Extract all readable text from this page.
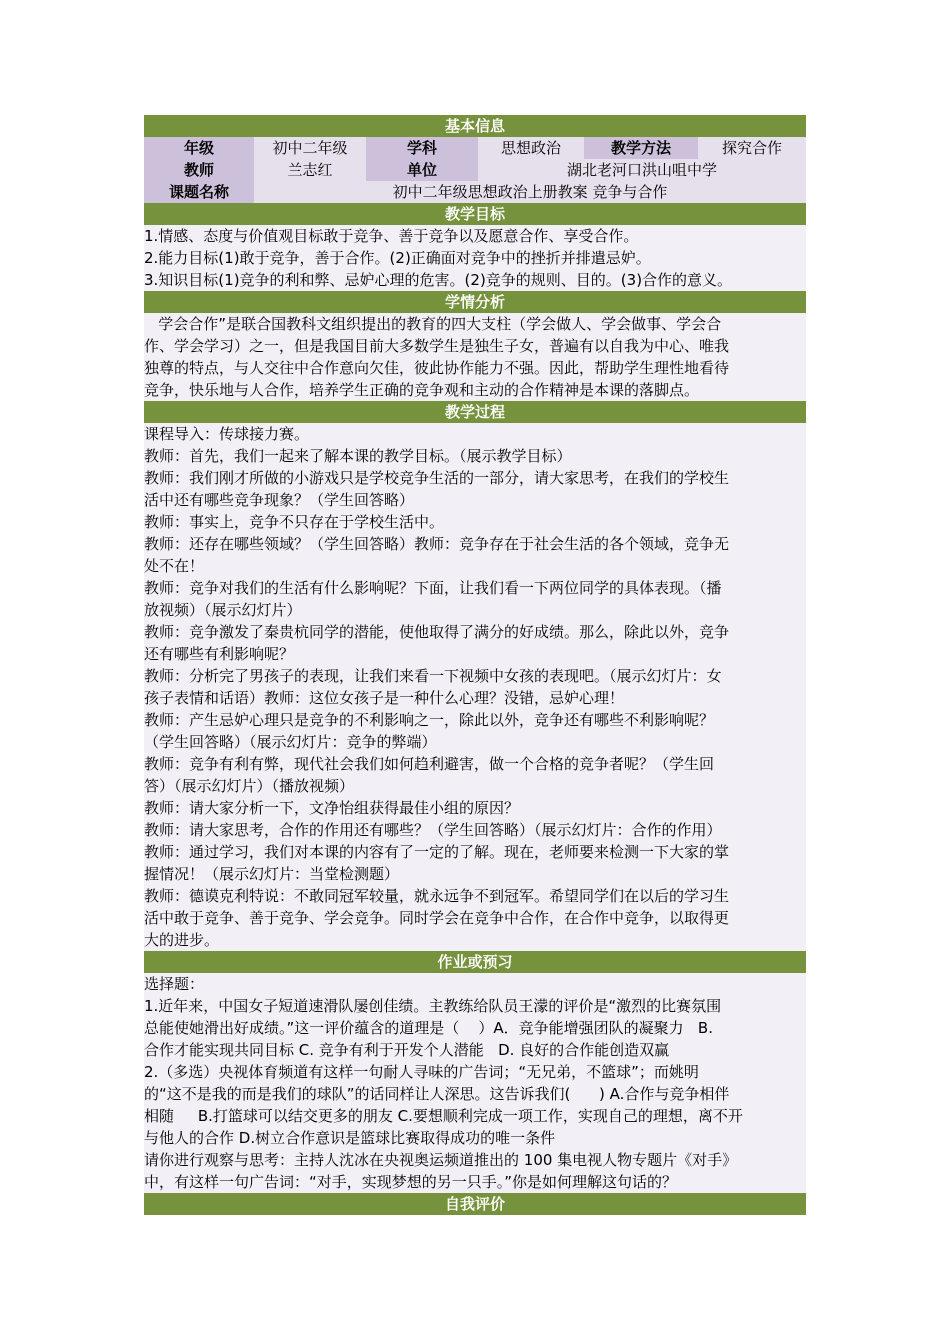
基本信息
年级	初中二年级	学科	思想政治	教学方法	探究合作
教师	兰志红	单位	湖北老河口洪山咀中学
课题名称	初中二年级思想政治上册教案 竞争与合作
教学目标

1.情感、态度与价值观目标敢于竞争、善于竞争以及愿意合作、享受合作。

2.能力目标(1)敢于竞争，善于合作。(2)正确面对竞争中的挫折并排遣忌妒。

3.知识目标(1)竞争的利和弊、忌妒心理的危害。(2)竞争的规则、目的。(3)合作的意义。

学情分析

学会合作”是联合国教科文组织提出的教育的四大支柱（学会做人、学会做事、学会合

作、学会学习）之一，但是我国目前大多数学生是独生子女，普遍有以自我为中心、唯我

独尊的特点，与人交往中合作意向欠佳，彼此协作能力不强。因此，帮助学生理性地看待

竞争，快乐地与人合作，培养学生正确的竞争观和主动的合作精神是本课的落脚点。

教学过程

课程导入：传球接力赛。

教师：首先，我们一起来了解本课的教学目标。（展示教学目标）

教师：我们刚才所做的小游戏只是学校竞争生活的一部分，请大家思考，在我们的学校生

活中还有哪些竞争现象？（学生回答略）

教师：事实上，竞争不只存在于学校生活中。

教师：还存在哪些领域？（学生回答略）教师：竞争存在于社会生活的各个领域，竞争无

处不在！

教师：竞争对我们的生活有什么影响呢？下面，让我们看一下两位同学的具体表现。（播

放视频）（展示幻灯片）

教师：竞争激发了秦贵杭同学的潜能，使他取得了满分的好成绩。那么，除此以外，竞争

还有哪些有利影响呢？

教师：分析完了男孩子的表现，让我们来看一下视频中女孩的表现吧。（展示幻灯片：女

孩子表情和话语）教师：这位女孩子是一种什么心理？没错，忌妒心理！

教师：产生忌妒心理只是竞争的不利影响之一，除此以外，竞争还有哪些不利影响呢？

（学生回答略）（展示幻灯片：竞争的弊端）

教师：竞争有利有弊，现代社会我们如何趋利避害，做一个合格的竞争者呢？（学生回

答）（展示幻灯片）（播放视频）

教师：请大家分析一下，文净怡组获得最佳小组的原因？

教师：请大家思考，合作的作用还有哪些？（学生回答略）（展示幻灯片：合作的作用）

教师：通过学习，我们对本课的内容有了一定的了解。现在，老师要来检测一下大家的掌

握情况！（展示幻灯片：当堂检测题）

教师：德谟克利特说：不敢同冠军较量，就永远争不到冠军。希望同学们在以后的学习生

活中敢于竞争、善于竞争、学会竞争。同时学会在竞争中合作，在合作中竞争，以取得更

大的进步。

作业或预习

选择题：

1.近年来，中国女子短道速滑队屡创佳绩。主教练给队员王濛的评价是“激烈的比赛氛围

总能使她滑出好成绩。”这一评价蕴含的道理是（    ）A．竞争能增强团队的凝聚力   B.

合作才能实现共同目标 C. 竞争有利于开发个人潜能   D. 良好的合作能创造双赢

2.（多选）央视体育频道有这样一句耐人寻味的广告词；“无兄弟，不篮球”；而姚明

的“这不是我的而是我们的球队”的话同样让人深思。这告诉我们(      ) A.合作与竞争相伴

相随     B.打篮球可以结交更多的朋友 C.要想顺利完成一项工作，实现自己的理想，离不开

与他人的合作 D.树立合作意识是篮球比赛取得成功的唯一条件

请你进行观察与思考：主持人沈冰在央视奥运频道推出的 100 集电视人物专题片《对手》

中，有这样一句广告词：“对手，实现梦想的另一只手。”你是如何理解这句话的？

自我评价
